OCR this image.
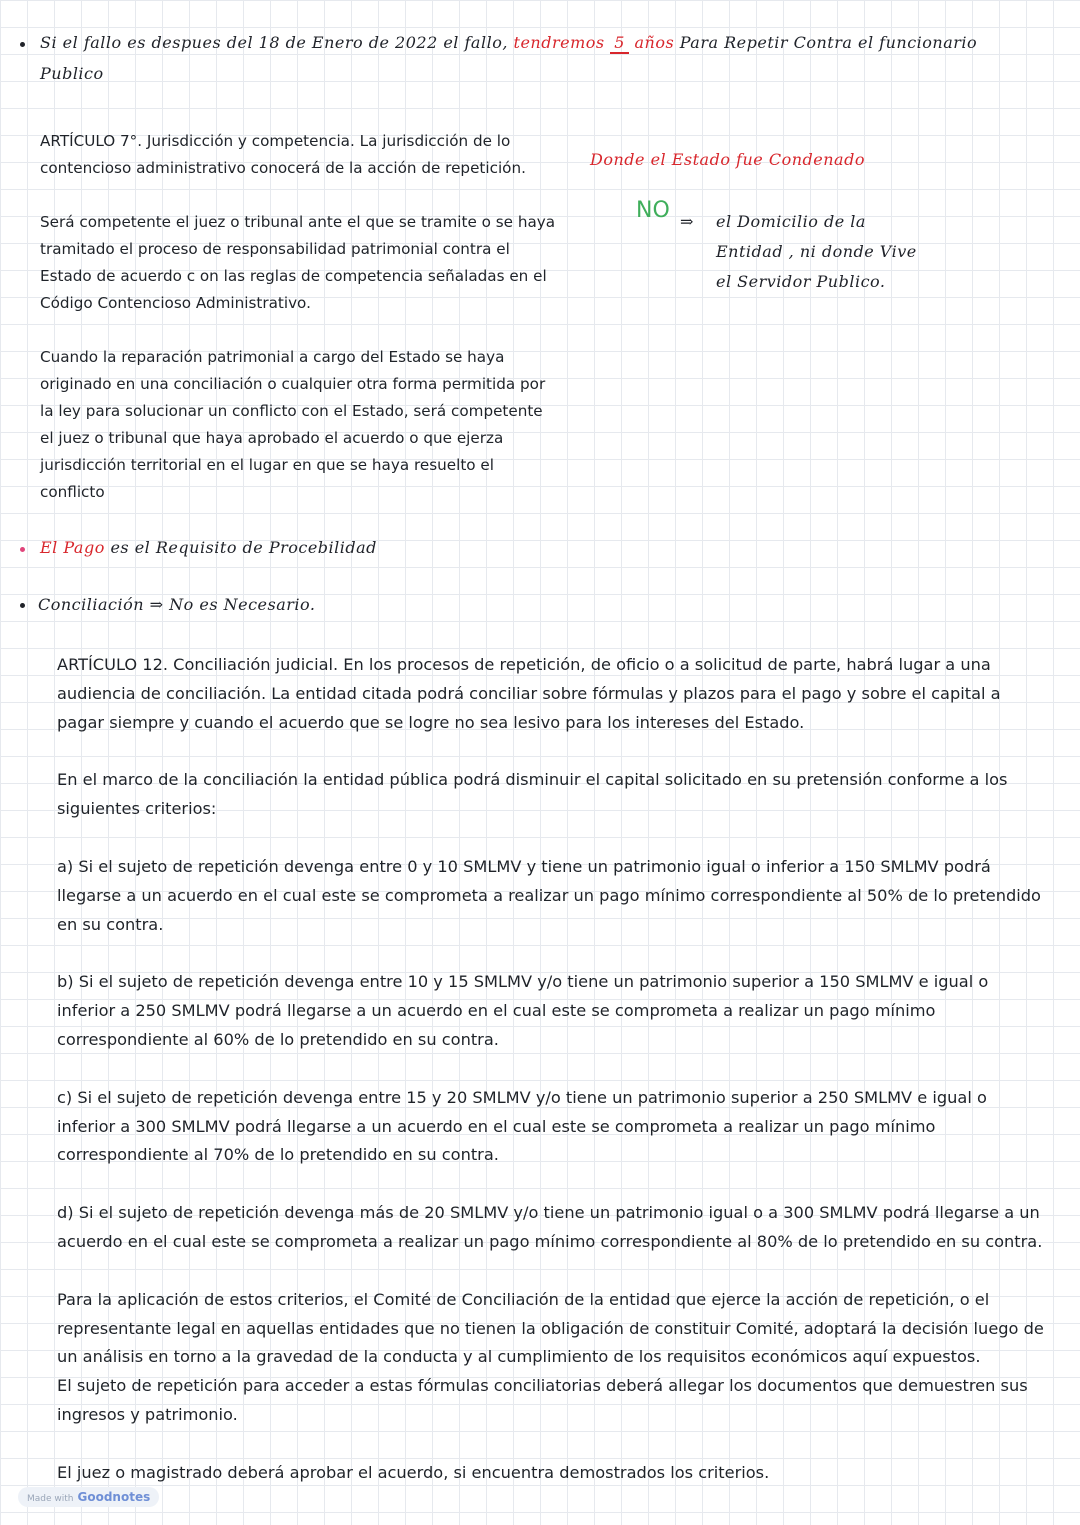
Si el fallo es despues del 18 de Enero de 2022 el fallo, tendremos 5 años Para Repetir Contra el funcionario
Publico

ARTÍCULO 7°. Jurisdicción y competencia. La jurisdicción de lo contencioso administrativo conocerá de la acción de repetición.

Será competente el juez o tribunal ante el que se tramite o se haya tramitado el proceso de responsabilidad patrimonial contra el Estado de acuerdo c on las reglas de competencia señaladas en el Código Contencioso Administrativo.

Cuando la reparación patrimonial a cargo del Estado se haya originado en una conciliación o cualquier otra forma permitida por la ley para solucionar un conflicto con el Estado, será competente el juez o tribunal que haya aprobado el acuerdo o que ejerza jurisdicción territorial en el lugar en que se haya resuelto el conflicto

Donde el Estado fue Condenado
NO ⇒ el Domicilio de la
Entidad , ni donde Vive
el Servidor Publico.
El Pago es el Requisito de Procebilidad
Conciliación ⇒ No es Necesario.

ARTÍCULO 12. Conciliación judicial. En los procesos de repetición, de oficio o a solicitud de parte, habrá lugar a una audiencia de conciliación. La entidad citada podrá conciliar sobre fórmulas y plazos para el pago y sobre el capital a pagar siempre y cuando el acuerdo que se logre no sea lesivo para los intereses del Estado.

En el marco de la conciliación la entidad pública podrá disminuir el capital solicitado en su pretensión conforme a los siguientes criterios:

a) Si el sujeto de repetición devenga entre 0 y 10 SMLMV y tiene un patrimonio igual o inferior a 150 SMLMV podrá llegarse a un acuerdo en el cual este se comprometa a realizar un pago mínimo correspondiente al 50% de lo pretendido en su contra.

b) Si el sujeto de repetición devenga entre 10 y 15 SMLMV y/o tiene un patrimonio superior a 150 SMLMV e igual o inferior a 250 SMLMV podrá llegarse a un acuerdo en el cual este se comprometa a realizar un pago mínimo correspondiente al 60% de lo pretendido en su contra.

c) Si el sujeto de repetición devenga entre 15 y 20 SMLMV y/o tiene un patrimonio superior a 250 SMLMV e igual o inferior a 300 SMLMV podrá llegarse a un acuerdo en el cual este se comprometa a realizar un pago mínimo correspondiente al 70% de lo pretendido en su contra.

d) Si el sujeto de repetición devenga más de 20 SMLMV y/o tiene un patrimonio igual o a 300 SMLMV podrá llegarse a un acuerdo en el cual este se comprometa a realizar un pago mínimo correspondiente al 80% de lo pretendido en su contra.

Para la aplicación de estos criterios, el Comité de Conciliación de la entidad que ejerce la acción de repetición, o el representante legal en aquellas entidades que no tienen la obligación de constituir Comité, adoptará la decisión luego de un análisis en torno a la gravedad de la conducta y al cumplimiento de los requisitos económicos aquí expuestos.

El sujeto de repetición para acceder a estas fórmulas conciliatorias deberá allegar los documentos que demuestren sus ingresos y patrimonio.

El juez o magistrado deberá aprobar el acuerdo, si encuentra demostrados los criterios.

Made with Goodnotes
